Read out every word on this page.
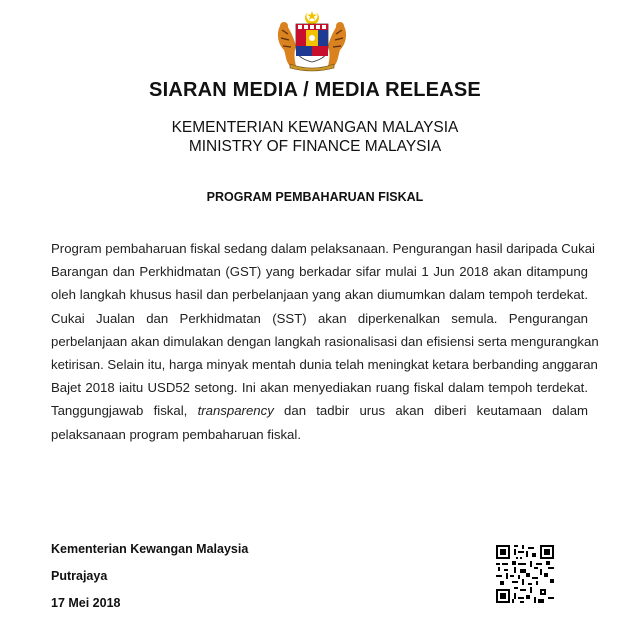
SIARAN MEDIA / MEDIA RELEASE
KEMENTERIAN KEWANGAN MALAYSIA
MINISTRY OF FINANCE MALAYSIA
PROGRAM PEMBAHARUAN FISKAL
Program pembaharuan fiskal sedang dalam pelaksanaan. Pengurangan hasil daripada Cukai
Barangan dan Perkhidmatan (GST) yang berkadar sifar mulai 1 Jun 2018 akan ditampung
oleh langkah khusus hasil dan perbelanjaan yang akan diumumkan dalam tempoh terdekat.
Cukai Jualan dan Perkhidmatan (SST) akan diperkenalkan semula. Pengurangan
perbelanjaan akan dimulakan dengan langkah rasionalisasi dan efisiensi serta mengurangkan
ketirisan. Selain itu, harga minyak mentah dunia telah meningkat ketara berbanding anggaran
Bajet 2018 iaitu USD52 setong. Ini akan menyediakan ruang fiskal dalam tempoh terdekat.
Tanggungjawab fiskal, transparency dan tadbir urus akan diberi keutamaan dalam
pelaksanaan program pembaharuan fiskal.
Kementerian Kewangan Malaysia
Putrajaya
17 Mei 2018
